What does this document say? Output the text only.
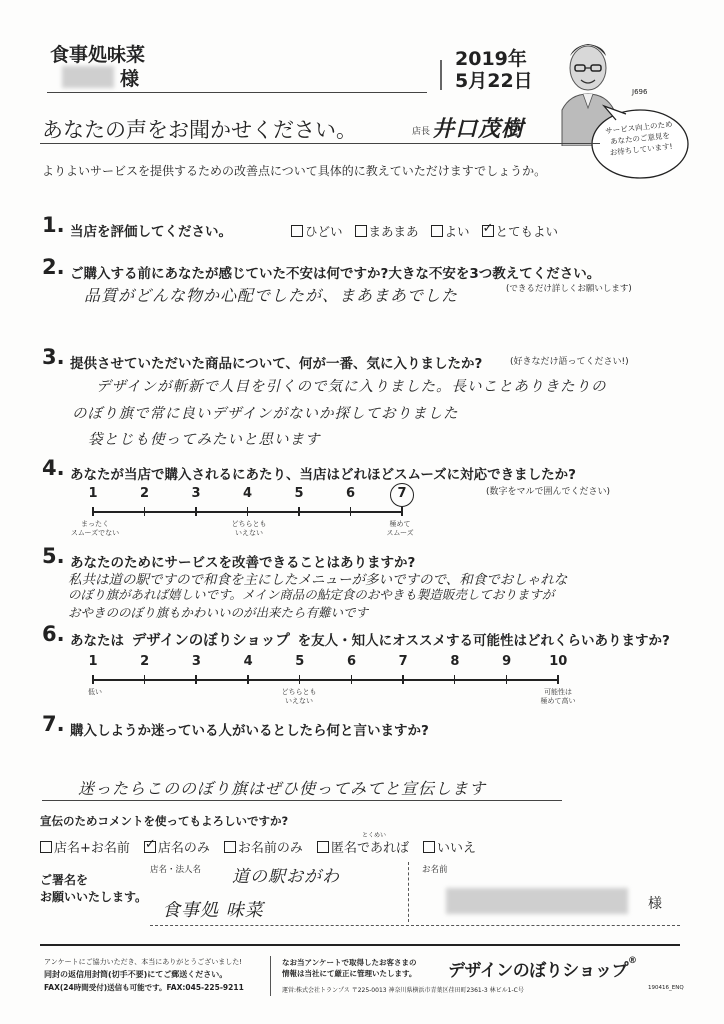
食事処味菜
様
2019年
5月22日	J696
サービス向上のため
あなたのご意見を
お待ちしています!
あなたの声をお聞かせください。	店長 井口茂樹
よりよいサービスを提供するための改善点について具体的に教えていただけますでしょうか。
1. 当店を評価してください。	ひどい	まあまあ	よい ✓	とてもよい
2. ご購入する前にあなたが感じていた不安は何ですか?大きな不安を3つ教えてください。
品質がどんな物か心配でしたが、まあまあでした	(できるだけ詳しくお願いします)
3. 提供させていただいた商品について、何が一番、気に入りましたか?	(好きなだけ語ってください!)
デザインが斬新で人目を引くので気に入りました。長いことありきたりの
のぼり旗で常に良いデザインがないか探しておりました
袋とじも使ってみたいと思います
4. あなたが当店で購入されるにあたり、当店はどれほどスムーズに対応できましたか?
(数字をマルで囲んでください)
1	2	3	4	5	6	7
まったく
スムーズでない
どちらとも
いえない
極めて
スムーズ
5. あなたのためにサービスを改善できることはありますか?
私共は道の駅ですので和食を主にしたメニューが多いですので、和食でおしゃれな
のぼり旗があれば嬉しいです。メイン商品の鮎定食のおやきも製造販売しておりますが
おやきののぼり旗もかわいいのが出来たら有難いです
6. あなたは デザインのぼりショップ を友人・知人にオススメする可能性はどれくらいありますか?
1	2	3	4	5	6	7	8	9	10
低い	どちらとも
いえない
可能性は
極めて高い
7. 購入しようか迷っている人がいるとしたら何と言いますか?
迷ったらこののぼり旗はぜひ使ってみてと宣伝します
宣伝のためコメントを使ってもよろしいですか?
とくめい
店名+お名前 ✓	店名のみ	お名前のみ	匿名であれば	いいえ
ご署名を
お願いいたします。
店名・法人名 道の駅おがわ
食事処 味菜
お名前
様
アンケートにご協力いただき、本当にありがとうございました!
同封の返信用封筒(切手不要)にてご郵送ください。
FAX(24時間受付)送信も可能です。FAX:045-225-9211
なお当アンケートで取得したお客さまの
情報は当社にて厳正に管理いたします。 デザインのぼりショップ®
運営:株式会社トランプス 〒225-0013 神奈川県横浜市青葉区荏田町2361-3 林ビル1-C号	190416_ENQ
